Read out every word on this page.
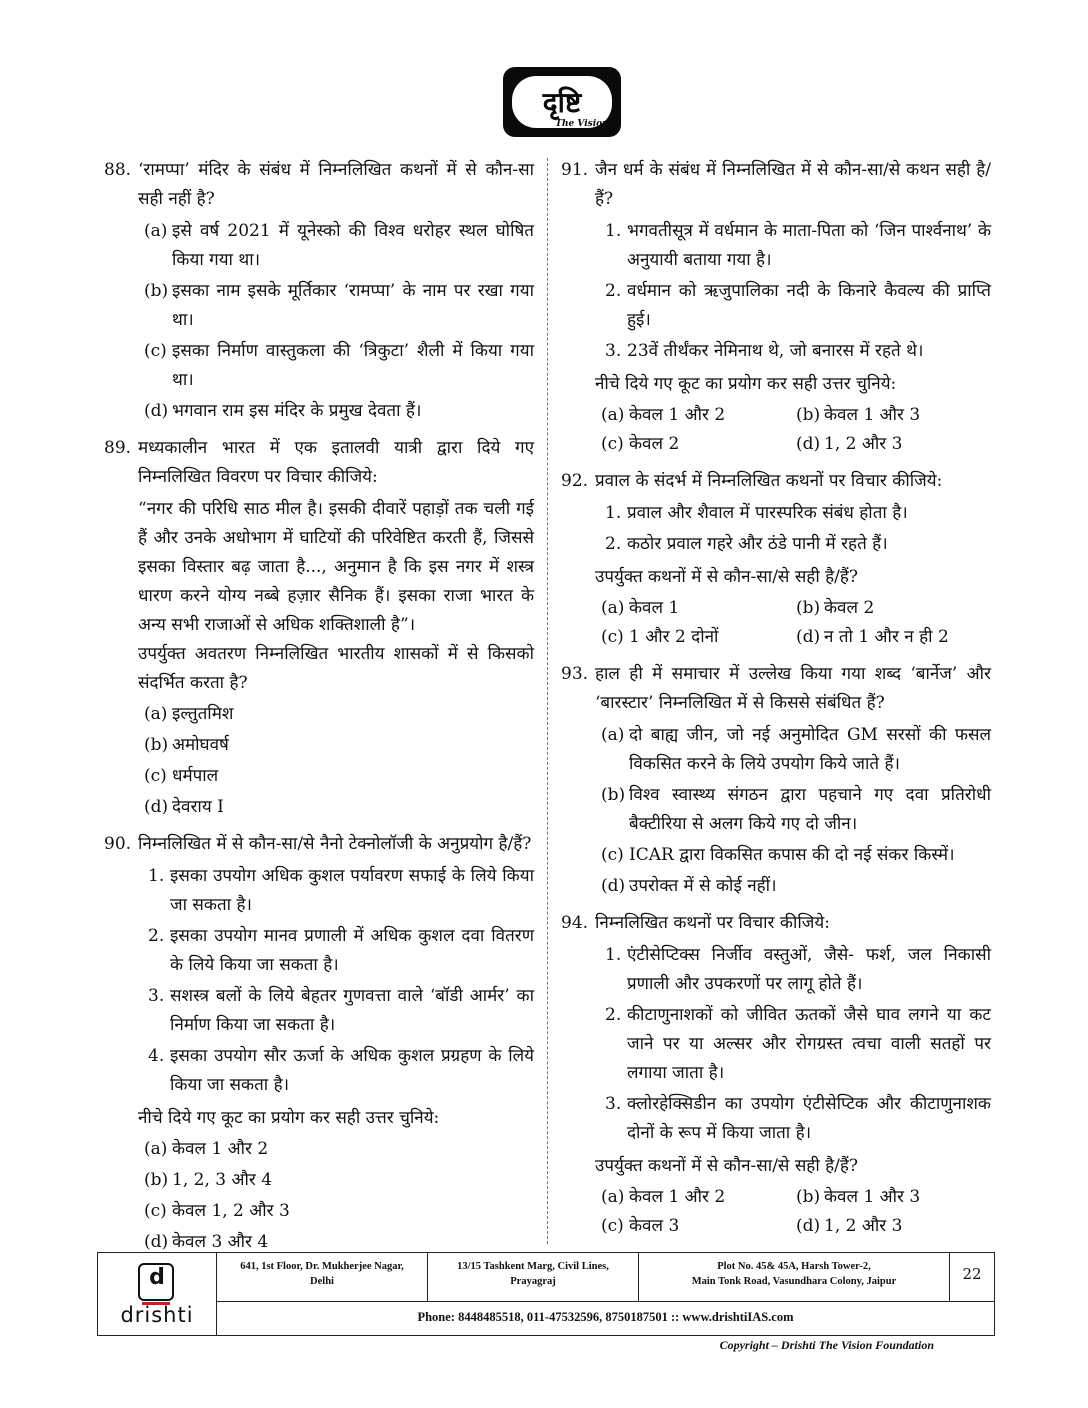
दृष्टि
The Vision
88. ‘रामप्पा’ मंदिर के संबंध में निम्नलिखित कथनों में से कौन-सा सही नहीं है?
(a) इसे वर्ष 2021 में यूनेस्को की विश्व धरोहर स्थल घोषित किया गया था।
(b) इसका नाम इसके मूर्तिकार ‘रामप्पा’ के नाम पर रखा गया था।
(c) इसका निर्माण वास्तुकला की ‘त्रिकुटा’ शैली में किया गया था।
(d) भगवान राम इस मंदिर के प्रमुख देवता हैं।
89. मध्यकालीन भारत में एक इतालवी यात्री द्वारा दिये गए निम्नलिखित विवरण पर विचार कीजिये:
“नगर की परिधि साठ मील है। इसकी दीवारें पहाड़ों तक चली गई हैं और उनके अधोभाग में घाटियों की परिवेष्टित करती हैं, जिससे इसका विस्तार बढ़ जाता है..., अनुमान है कि इस नगर में शस्त्र धारण करने योग्य नब्बे हज़ार सैनिक हैं। इसका राजा भारत के अन्य सभी राजाओं से अधिक शक्तिशाली है”।
उपर्युक्त अवतरण निम्नलिखित भारतीय शासकों में से किसको संदर्भित करता है?
(a) इल्तुतमिश
(b) अमोघवर्ष
(c) धर्मपाल
(d) देवराय I
90. निम्नलिखित में से कौन-सा/से नैनो टेक्नोलॉजी के अनुप्रयोग है/हैं?
1. इसका उपयोग अधिक कुशल पर्यावरण सफाई के लिये किया जा सकता है।
2. इसका उपयोग मानव प्रणाली में अधिक कुशल दवा वितरण के लिये किया जा सकता है।
3. सशस्त्र बलों के लिये बेहतर गुणवत्ता वाले ‘बॉडी आर्मर’ का निर्माण किया जा सकता है।
4. इसका उपयोग सौर ऊर्जा के अधिक कुशल प्रग्रहण के लिये किया जा सकता है।
नीचे दिये गए कूट का प्रयोग कर सही उत्तर चुनिये:
(a) केवल 1 और 2
(b) 1, 2, 3 और 4
(c) केवल 1, 2 और 3
(d) केवल 3 और 4
91. जैन धर्म के संबंध में निम्नलिखित में से कौन-सा/से कथन सही है/हैं?
1. भगवतीसूत्र में वर्धमान के माता-पिता को ‘जिन पार्श्वनाथ’ के अनुयायी बताया गया है।
2. वर्धमान को ऋजुपालिका नदी के किनारे कैवल्य की प्राप्ति हुई।
3. 23वें तीर्थंकर नेमिनाथ थे, जो बनारस में रहते थे।
नीचे दिये गए कूट का प्रयोग कर सही उत्तर चुनिये:
(a) केवल 1 और 2	(b) केवल 1 और 3
(c) केवल 2	(d) 1, 2 और 3
92. प्रवाल के संदर्भ में निम्नलिखित कथनों पर विचार कीजिये:
1. प्रवाल और शैवाल में पारस्परिक संबंध होता है।
2. कठोर प्रवाल गहरे और ठंडे पानी में रहते हैं।
उपर्युक्त कथनों में से कौन-सा/से सही है/हैं?
(a) केवल 1	(b) केवल 2
(c) 1 और 2 दोनों	(d) न तो 1 और न ही 2
93. हाल ही में समाचार में उल्लेख किया गया शब्द ‘बार्नेज’ और ‘बारस्टार’ निम्नलिखित में से किससे संबंधित हैं?
(a) दो बाह्य जीन, जो नई अनुमोदित GM सरसों की फसल विकसित करने के लिये उपयोग किये जाते हैं।
(b) विश्व स्वास्थ्य संगठन द्वारा पहचाने गए दवा प्रतिरोधी बैक्टीरिया से अलग किये गए दो जीन।
(c) ICAR द्वारा विकसित कपास की दो नई संकर किस्में।
(d) उपरोक्त में से कोई नहीं।
94. निम्नलिखित कथनों पर विचार कीजिये:
1. एंटीसेप्टिक्स निर्जीव वस्तुओं, जैसे- फर्श, जल निकासी प्रणाली और उपकरणों पर लागू होते हैं।
2. कीटाणुनाशकों को जीवित ऊतकों जैसे घाव लगने या कट जाने पर या अल्सर और रोगग्रस्त त्वचा वाली सतहों पर लगाया जाता है।
3. क्लोरहेक्सिडीन का उपयोग एंटीसेप्टिक और कीटाणुनाशक दोनों के रूप में किया जाता है।
उपर्युक्त कथनों में से कौन-सा/से सही है/हैं?
(a) केवल 1 और 2	(b) केवल 1 और 3
(c) केवल 3	(d) 1, 2 और 3
d
drishti
641, 1st Floor, Dr. Mukherjee Nagar,
Delhi
13/15 Tashkent Marg, Civil Lines,
Prayagraj
Plot No. 45& 45A, Harsh Tower-2,
Main Tonk Road, Vasundhara Colony, Jaipur	22
Phone: 8448485518, 011-47532596, 8750187501 :: www.drishtiIAS.com
Copyright – Drishti The Vision Foundation
